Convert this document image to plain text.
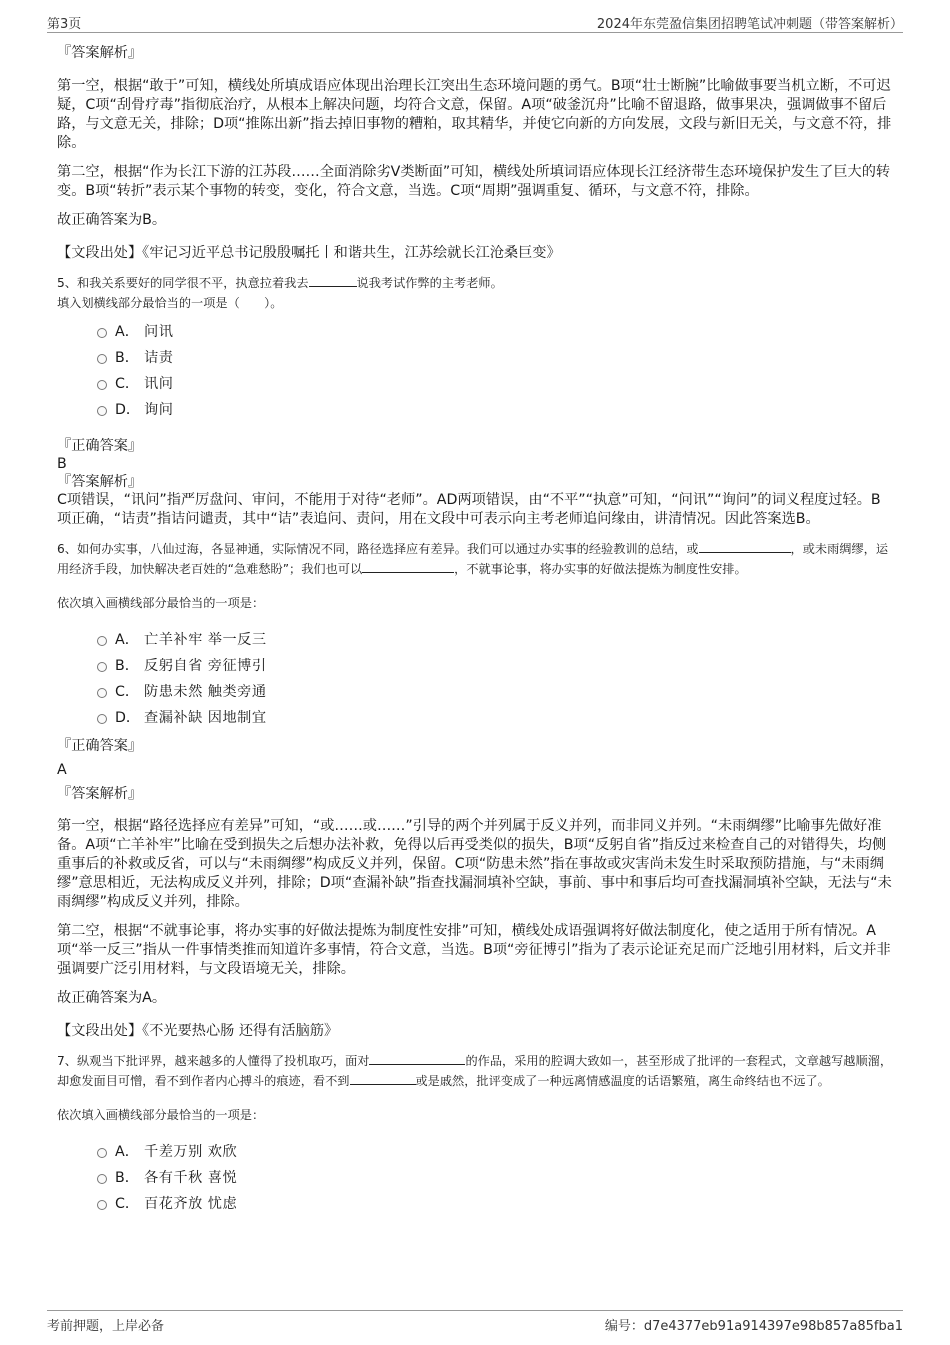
第3页	2024年东莞盈信集团招聘笔试冲刺题（带答案解析）

『答案解析』

第一空，根据“敢于”可知，横线处所填成语应体现出治理长江突出生态环境问题的勇气。B项“壮士断腕”比喻做事要当机立断，不可迟疑，C项“刮骨疗毒”指彻底治疗，从根本上解决问题，均符合文意，保留。A项“破釜沉舟”比喻不留退路，做事果决，强调做事不留后路，与文意无关，排除；D项“推陈出新”指去掉旧事物的糟粕，取其精华，并使它向新的方向发展，文段与新旧无关，与文意不符，排除。

第二空，根据“作为长江下游的江苏段……全面消除劣V类断面”可知，横线处所填词语应体现长江经济带生态环境保护发生了巨大的转变。B项“转折”表示某个事物的转变，变化，符合文意，当选。C项“周期”强调重复、循环，与文意不符，排除。

故正确答案为B。

【文段出处】《牢记习近平总书记殷殷嘱托丨和谐共生，江苏绘就长江沧桑巨变》

5、和我关系要好的同学很不平，执意拉着我去	说我考试作弊的主考老师。

填入划横线部分最恰当的一项是（　　）。

A． 问讯
B． 诘责
C． 讯问
D． 询问

『正确答案』

B

『答案解析』

C项错误，“讯问”指严厉盘问、审问，不能用于对待“老师”。AD两项错误，由“不平”“执意”可知，“问讯”“询问”的词义程度过轻。B项正确，“诘责”指诘问谴责，其中“诘”表追问、责问，用在文段中可表示向主考老师追问缘由，讲清情况。因此答案选B。

6、如何办实事，八仙过海，各显神通，实际情况不同，路径选择应有差异。我们可以通过办实事的经验教训的总结，或	，或未雨绸缪，运用经济手段，加快解决老百姓的“急难愁盼”；我们也可以	，不就事论事，将办实事的好做法提炼为制度性安排。

依次填入画横线部分最恰当的一项是：

A． 亡羊补牢 举一反三
B． 反躬自省 旁征博引
C． 防患未然 触类旁通
D． 查漏补缺 因地制宜

『正确答案』

A

『答案解析』

第一空，根据“路径选择应有差异”可知，“或……或……”引导的两个并列属于反义并列，而非同义并列。“未雨绸缪”比喻事先做好准备。A项“亡羊补牢”比喻在受到损失之后想办法补救，免得以后再受类似的损失，B项“反躬自省”指反过来检查自己的对错得失，均侧重事后的补救或反省，可以与“未雨绸缪”构成反义并列，保留。C项“防患未然”指在事故或灾害尚未发生时采取预防措施，与“未雨绸缪”意思相近，无法构成反义并列，排除；D项“查漏补缺”指查找漏洞填补空缺，事前、事中和事后均可查找漏洞填补空缺，无法与“未雨绸缪”构成反义并列，排除。

第二空，根据“不就事论事，将办实事的好做法提炼为制度性安排”可知，横线处成语强调将好做法制度化，使之适用于所有情况。A项“举一反三”指从一件事情类推而知道许多事情，符合文意，当选。B项“旁征博引”指为了表示论证充足而广泛地引用材料，后文并非强调要广泛引用材料，与文段语境无关，排除。

故正确答案为A。

【文段出处】《不光要热心肠 还得有活脑筋》

7、纵观当下批评界，越来越多的人懂得了投机取巧，面对	的作品，采用的腔调大致如一，甚至形成了批评的一套程式，文章越写越顺溜，却愈发面目可憎，看不到作者内心搏斗的痕迹，看不到	或是戚然，批评变成了一种远离情感温度的话语繁殖，离生命终结也不远了。

依次填入画横线部分最恰当的一项是：

A． 千差万别 欢欣
B． 各有千秋 喜悦
C． 百花齐放 忧虑
考前押题，上岸必备	编号：d7e4377eb91a914397e98b857a85fba1
